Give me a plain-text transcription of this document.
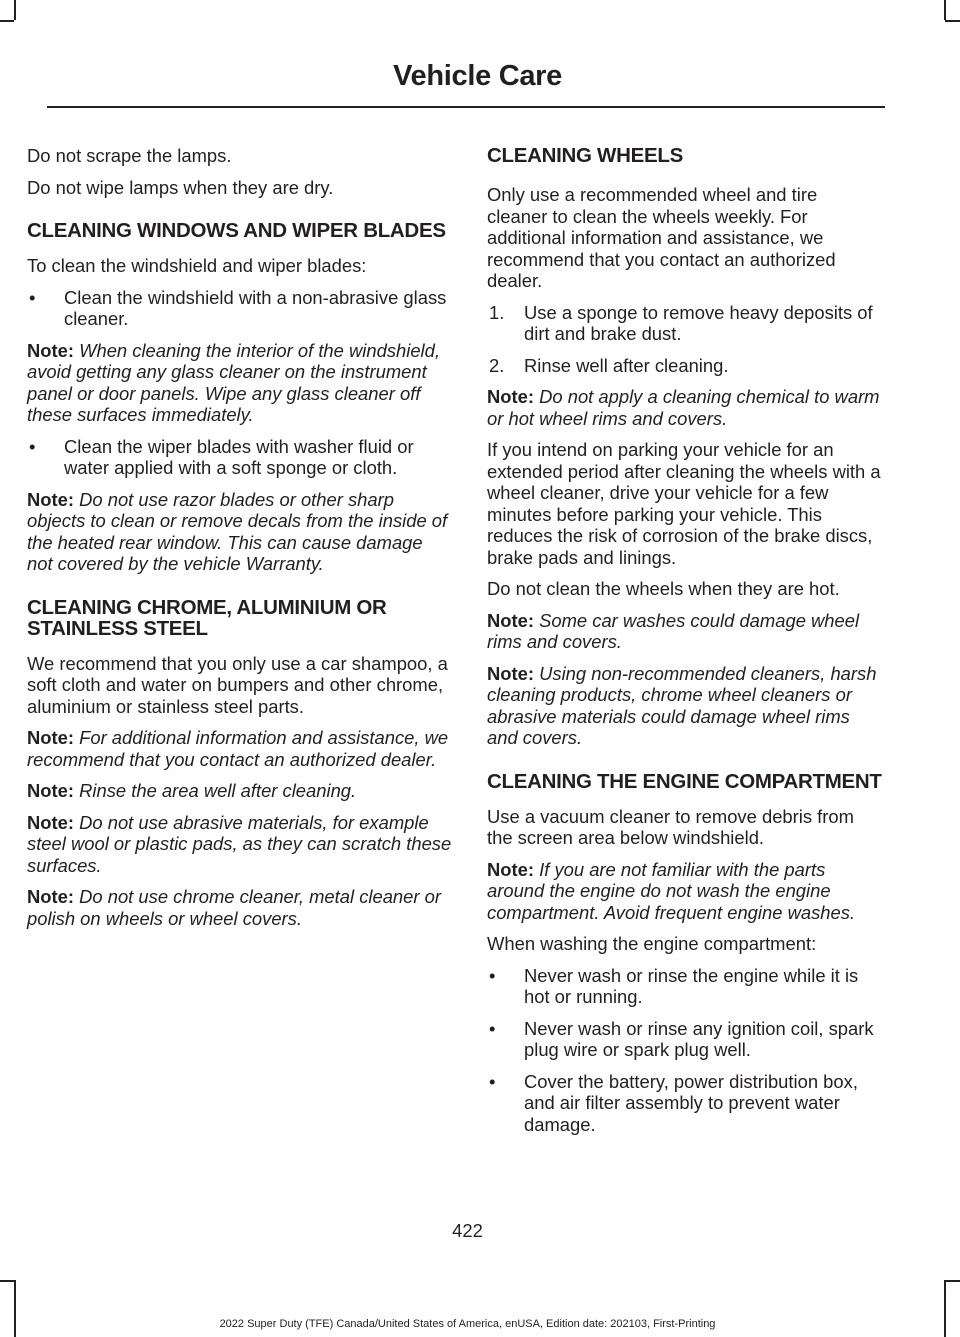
Vehicle Care

Do not scrape the lamps.

Do not wipe lamps when they are dry.

CLEANING WINDOWS AND WIPER BLADES

To clean the windshield and wiper blades:

•	Clean the windshield with a non-abrasive glass cleaner.

Note: When cleaning the interior of the windshield, avoid getting any glass cleaner on the instrument panel or door panels. Wipe any glass cleaner off these surfaces immediately.

•	Clean the wiper blades with washer fluid or water applied with a soft sponge or cloth.

Note: Do not use razor blades or other sharp objects to clean or remove decals from the inside of the heated rear window. This can cause damage not covered by the vehicle Warranty.

CLEANING CHROME, ALUMINIUM OR STAINLESS STEEL

We recommend that you only use a car shampoo, a soft cloth and water on bumpers and other chrome, aluminium or stainless steel parts.

Note: For additional information and assistance, we recommend that you contact an authorized dealer.

Note: Rinse the area well after cleaning.

Note: Do not use abrasive materials, for example steel wool or plastic pads, as they can scratch these surfaces.

Note: Do not use chrome cleaner, metal cleaner or polish on wheels or wheel covers.

CLEANING WHEELS

Only use a recommended wheel and tire cleaner to clean the wheels weekly. For additional information and assistance, we recommend that you contact an authorized dealer.

1.	Use a sponge to remove heavy deposits of dirt and brake dust.
2.	Rinse well after cleaning.

Note: Do not apply a cleaning chemical to warm or hot wheel rims and covers.

If you intend on parking your vehicle for an extended period after cleaning the wheels with a wheel cleaner, drive your vehicle for a few minutes before parking your vehicle. This reduces the risk of corrosion of the brake discs, brake pads and linings.

Do not clean the wheels when they are hot.

Note: Some car washes could damage wheel rims and covers.

Note: Using non-recommended cleaners, harsh cleaning products, chrome wheel cleaners or abrasive materials could damage wheel rims and covers.

CLEANING THE ENGINE COMPARTMENT

Use a vacuum cleaner to remove debris from the screen area below windshield.

Note: If you are not familiar with the parts around the engine do not wash the engine compartment. Avoid frequent engine washes.

When washing the engine compartment:

•	Never wash or rinse the engine while it is hot or running.
•	Never wash or rinse any ignition coil, spark plug wire or spark plug well.
•	Cover the battery, power distribution box, and air filter assembly to prevent water damage.
422
2022 Super Duty (TFE) Canada/United States of America, enUSA, Edition date: 202103, First-Printing
